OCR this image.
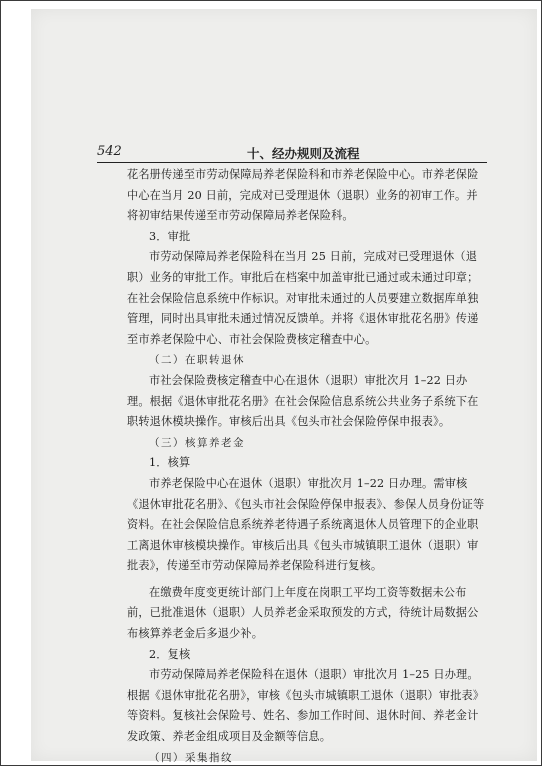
542	十、经办规则及流程

花名册传递至市劳动保障局养老保险科和市养老保险中心。市养老保险中心在当月 20 日前，完成对已受理退休（退职）业务的初审工作。并将初审结果传递至市劳动保障局养老保险科。

3．审批

市劳动保障局养老保险科在当月 25 日前，完成对已受理退休（退职）业务的审批工作。审批后在档案中加盖审批已通过或未通过印章；在社会保险信息系统中作标识。对审批未通过的人员要建立数据库单独管理，同时出具审批未通过情况反馈单。并将《退休审批花名册》传递至市养老保险中心、市社会保险费核定稽查中心。

（二）在职转退休

市社会保险费核定稽查中心在退休（退职）审批次月 1–22 日办理。根据《退休审批花名册》在社会保险信息系统公共业务子系统下在职转退休模块操作。审核后出具《包头市社会保险停保申报表》。

（三）核算养老金

1．核算

市养老保险中心在退休（退职）审批次月 1–22 日办理。需审核《退休审批花名册》、《包头市社会保险停保申报表》、参保人员身份证等资料。在社会保险信息系统养老待遇子系统离退休人员管理下的企业职工离退休审核模块操作。审核后出具《包头市城镇职工退休（退职）审批表》，传递至市劳动保障局养老保险科进行复核。

在缴费年度变更统计部门上年度在岗职工平均工资等数据未公布前，已批准退休（退职）人员养老金采取预发的方式，待统计局数据公布核算养老金后多退少补。

2．复核

市劳动保障局养老保险科在退休（退职）审批次月 1–25 日办理。根据《退休审批花名册》，审核《包头市城镇职工退休（退职）审批表》等资料。复核社会保险号、姓名、参加工作时间、退休时间、养老金计发政策、养老金组成项目及金额等信息。

（四）采集指纹
